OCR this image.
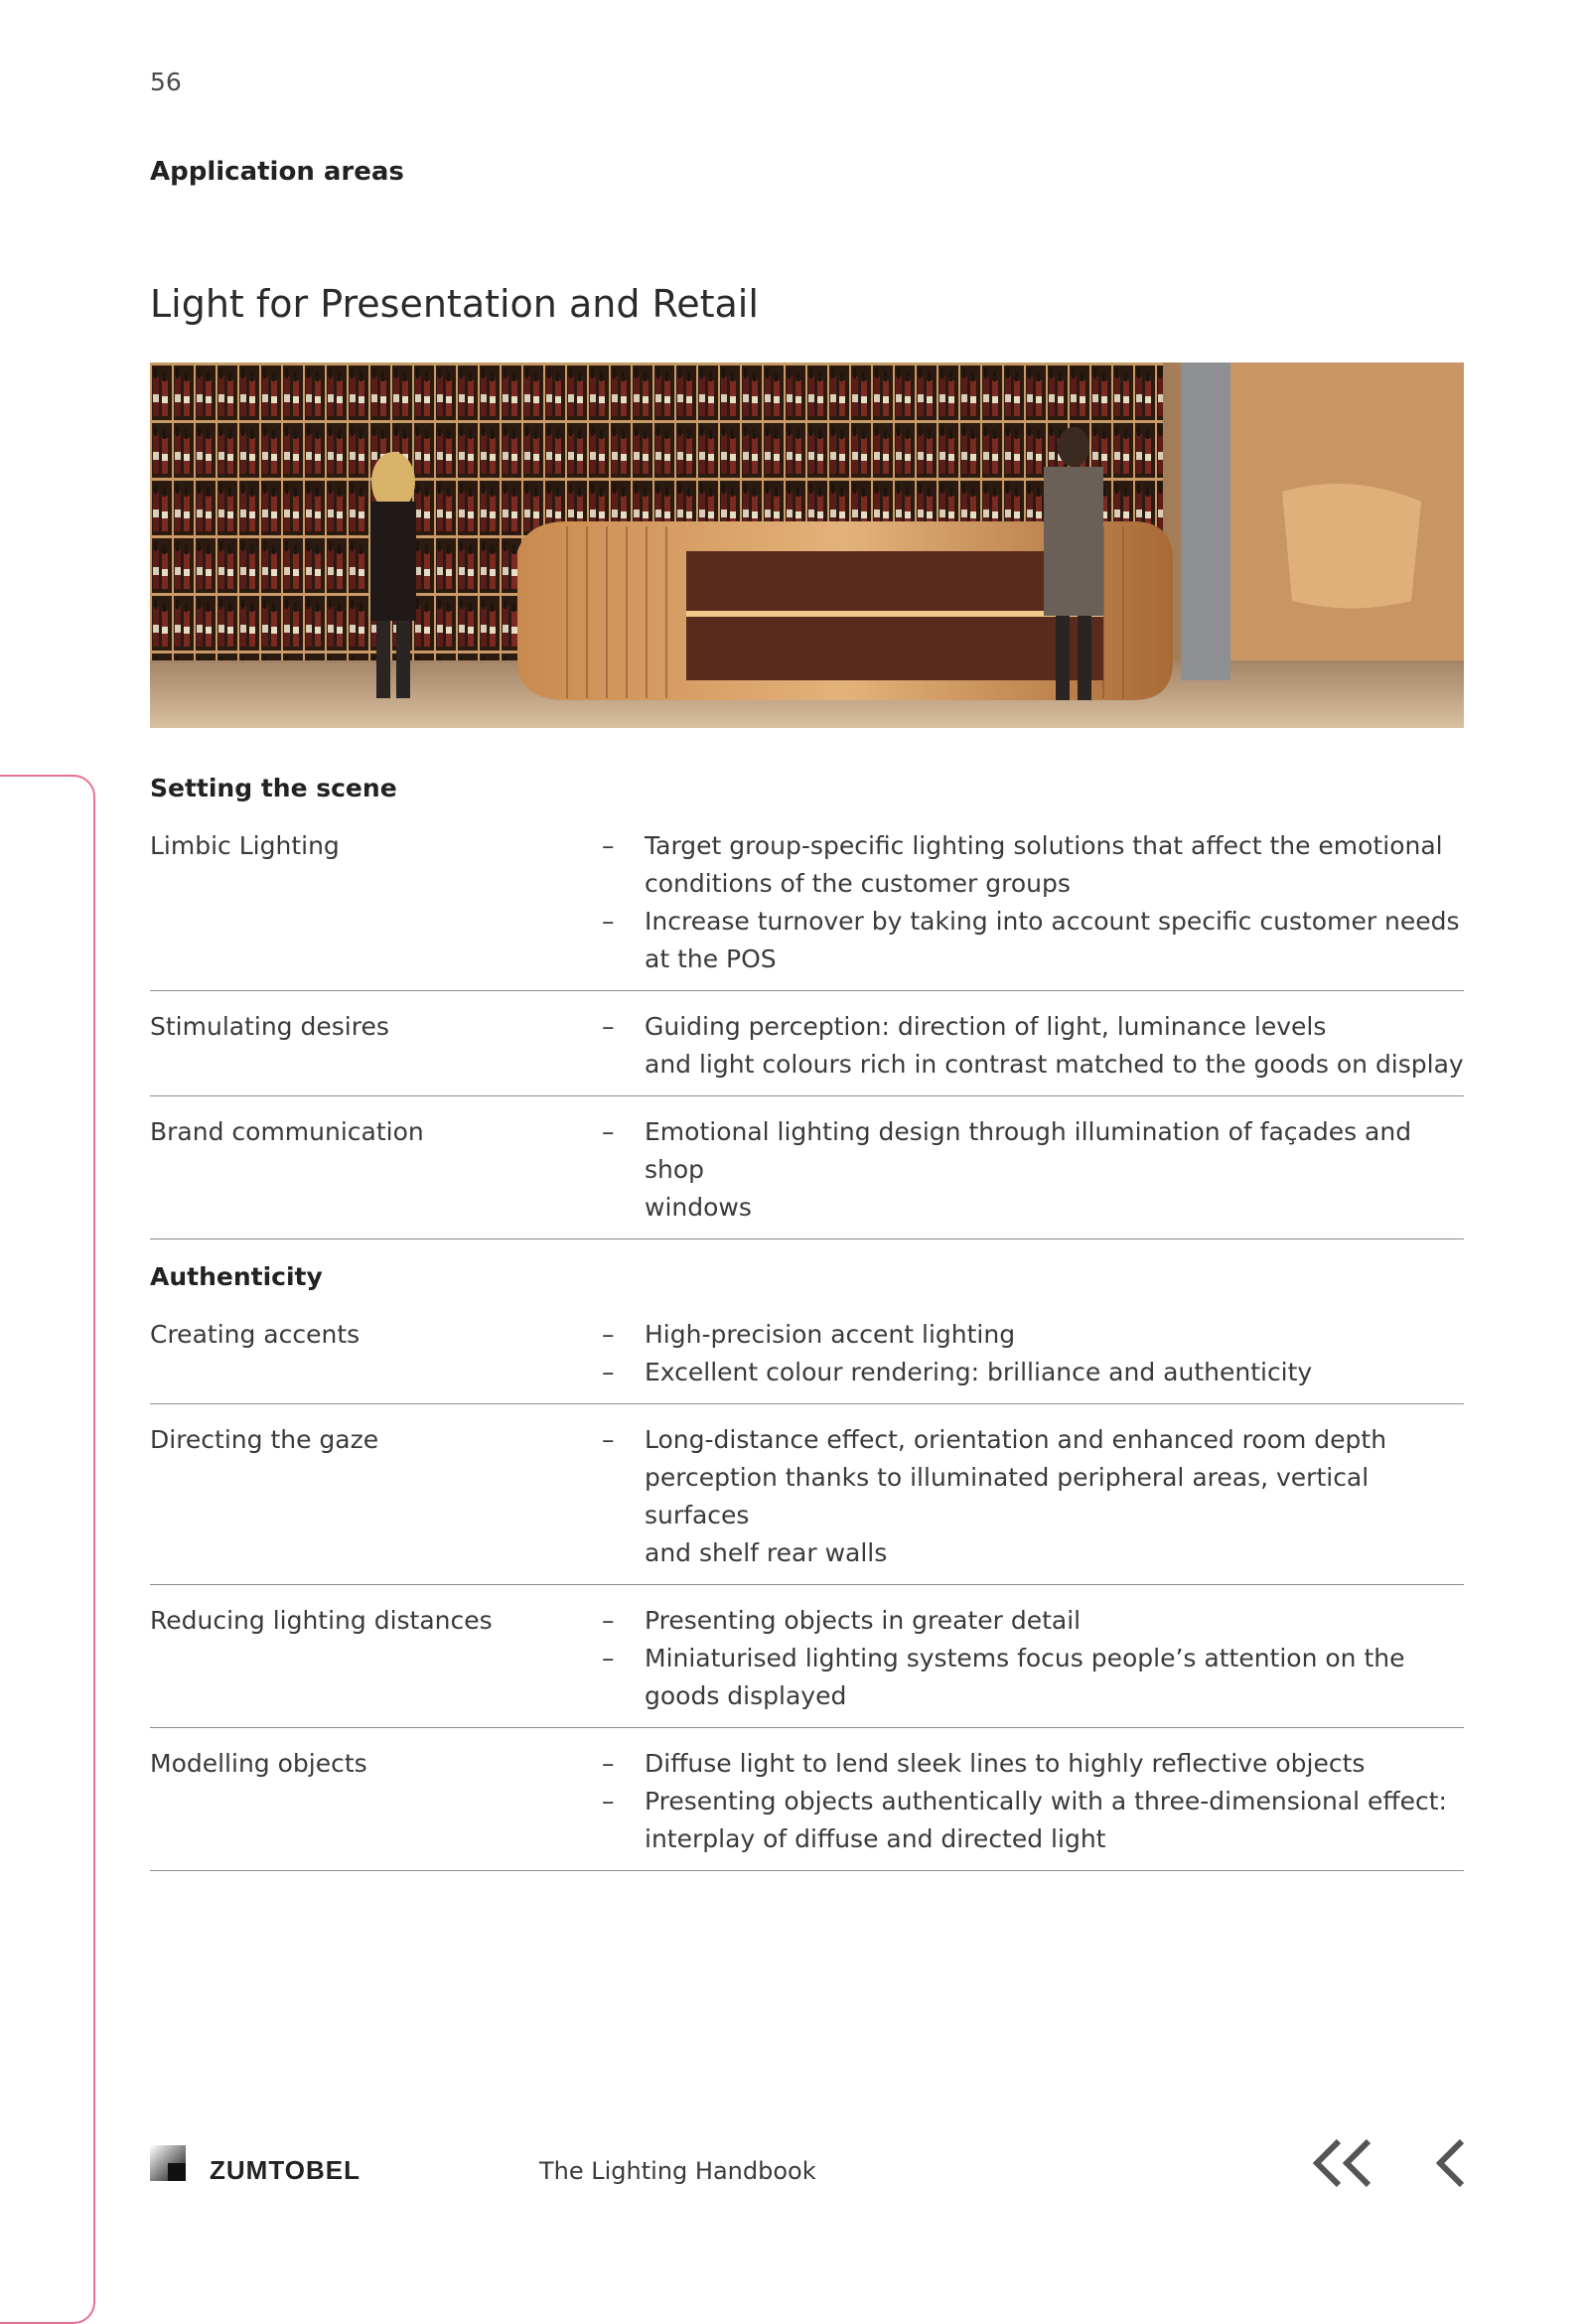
56
Application areas
Light for Presentation and Retail
Setting the scene
Limbic Lighting	–	Target group-specific lighting solutions that affect the emotional
conditions of the customer groups
–	Increase turnover by taking into account specific customer needs
at the POS
Stimulating desires	–	Guiding perception: direction of light, luminance levels
and light colours rich in contrast matched to the goods on display
Brand communication	–	Emotional lighting design through illumination of façades and shop
windows
Authenticity
Creating accents	–	High-precision accent lighting
–	Excellent colour rendering: brilliance and authenticity
Directing the gaze	–	Long-distance effect, orientation and enhanced room depth
perception thanks to illuminated peripheral areas, vertical surfaces
and shelf rear walls
Reducing lighting distances	–	Presenting objects in greater detail
–	Miniaturised lighting systems focus people’s attention on the
goods displayed
Modelling objects	–	Diffuse light to lend sleek lines to highly reflective objects
–	Presenting objects authentically with a three-dimensional effect:
interplay of diffuse and directed light
ZUMTOBEL	The Lighting Handbook
